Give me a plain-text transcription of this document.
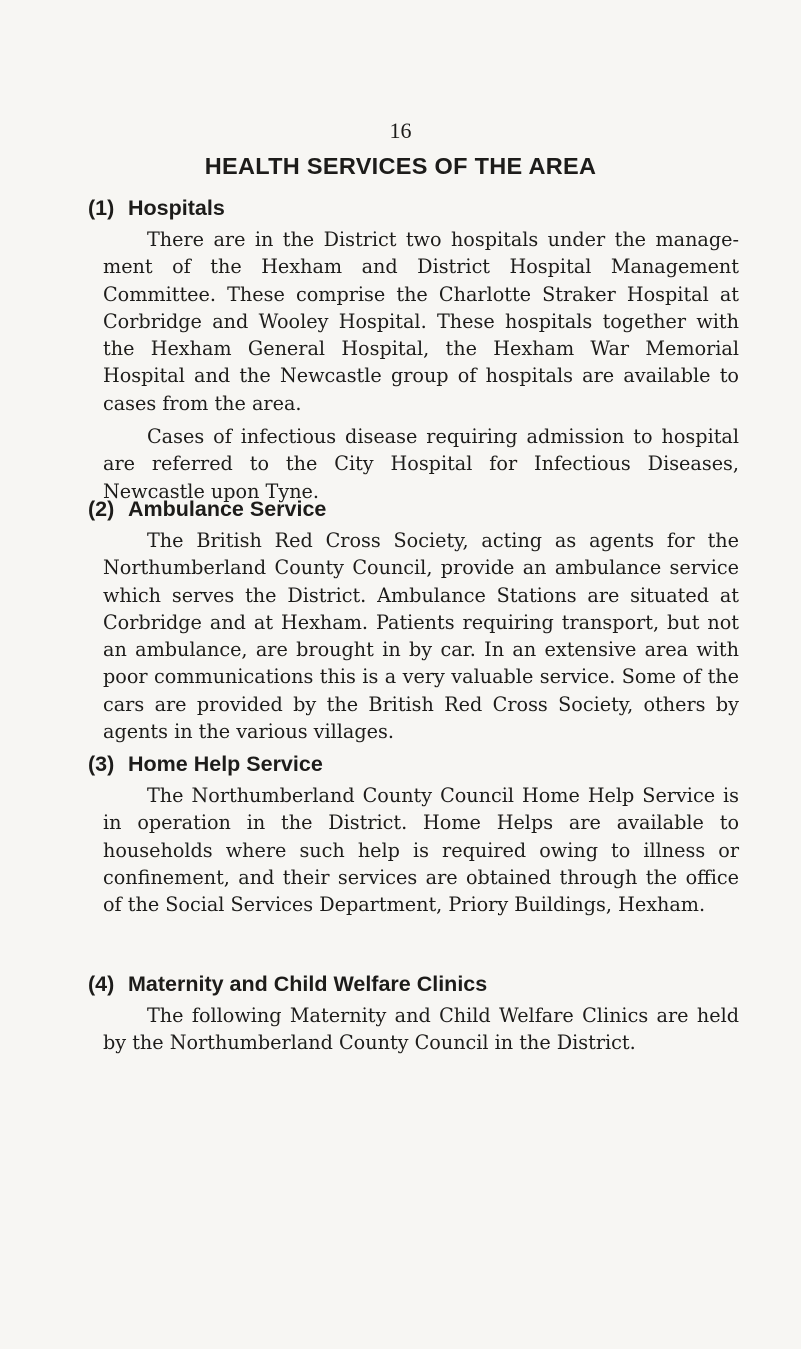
16
HEALTH SERVICES OF THE AREA
(1) Hospitals

There are in the District two hospitals under the management of the Hexham and District Hospital Management Committee. These comprise the Charlotte Straker Hospital at Corbridge and Wooley Hospital. These hospitals together with the Hexham General Hospital, the Hexham War Memorial Hospital and the Newcastle group of hospitals are available to cases from the area.

Cases of infectious disease requiring admission to hospital are referred to the City Hospital for Infectious Diseases, Newcastle upon Tyne.

(2) Ambulance Service

The British Red Cross Society, acting as agents for the Northumberland County Council, provide an ambulance service which serves the District. Ambulance Stations are situated at Corbridge and at Hexham. Patients requiring transport, but not an ambulance, are brought in by car. In an extensive area with poor communications this is a very valuable service. Some of the cars are provided by the British Red Cross Society, others by agents in the various villages.

(3) Home Help Service

The Northumberland County Council Home Help Service is in operation in the District. Home Helps are available to households where such help is required owing to illness or confinement, and their services are obtained through the office of the Social Services Department, Priory Buildings, Hexham.

(4) Maternity and Child Welfare Clinics

The following Maternity and Child Welfare Clinics are held by the Northumberland County Council in the District.
